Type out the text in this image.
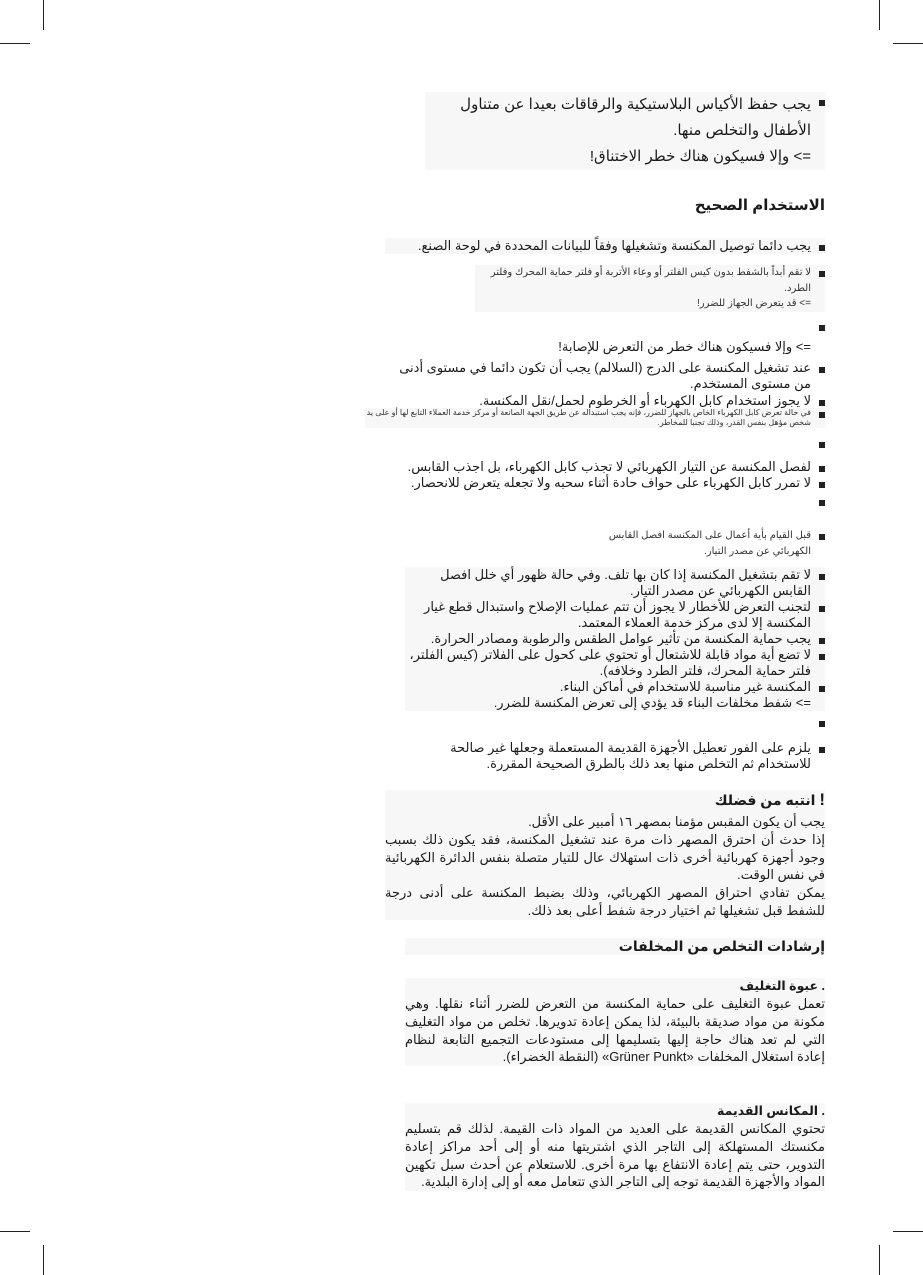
يجب حفظ الأكياس البلاستيكية والرقاقات بعيدا عن متناول الأطفال والتخلص منها.
=> وإلا فسيكون هناك خطر الاختناق!
الاستخدام الصحيح
يجب دائما توصيل المكنسة وتشغيلها وفقاً للبيانات المحددة في لوحة الصنع.
لا تقم أبداً بالشفط بدون كيس الفلتر أو وعاء الأتربة أو فلتر حماية المحرك وفلتر الطرد.
=> قد يتعرض الجهاز للضرر!

=> وإلا فسيكون هناك خطر من التعرض للإصابة!
عند تشغيل المكنسة على الدرج (السلالم) يجب أن تكون دائما في مستوى أدنى من مستوى المستخدم.
لا يجوز استخدام كابل الكهرباء أو الخرطوم لحمل/نقل المكنسة.
في حالة تعرض كابل الكهرباء الخاص بالجهاز للضرر، فإنه يجب استبداله عن طريق الجهة الصانعة أو مركز خدمة العملاء التابع لها أو على يد شخص مؤهل بنفس القدر، وذلك تجنبا للمخاطر.

لفصل المكنسة عن التيار الكهربائي لا تجذب كابل الكهرباء، بل اجذب القابس.
لا تمرر كابل الكهرباء على حواف حادة أثناء سحبه ولا تجعله يتعرض للانحصار.

قبل القيام بأية أعمال على المكنسة افصل القابس الكهربائي عن مصدر التيار.
لا تقم بتشغيل المكنسة إذا كان بها تلف. وفي حالة ظهور أي خلل افصل القابس الكهربائي عن مصدر التيار.
لتجنب التعرض للأخطار لا يجوز أن تتم عمليات الإصلاح واستبدال قطع غيار المكنسة إلا لدى مركز خدمة العملاء المعتمد.
يجب حماية المكنسة من تأثير عوامل الطقس والرطوبة ومصادر الحرارة.
لا تضع أية مواد قابلة للاشتعال أو تحتوي على كحول على الفلاتر (كيس الفلتر، فلتر حماية المحرك، فلتر الطرد وخلافه).
المكنسة غير مناسبة للاستخدام في أماكن البناء.
=> شفط مخلفات البناء قد يؤدي إلى تعرض المكنسة للضرر.

يلزم على الفور تعطيل الأجهزة القديمة المستعملة وجعلها غير صالحة للاستخدام ثم التخلص منها بعد ذلك بالطرق الصحيحة المقررة.
! انتبه من فضلك
يجب أن يكون المقبس مؤمنا بمصهر ١٦ أمبير على الأقل.
إذا حدث أن احترق المصهر ذات مرة عند تشغيل المكنسة، فقد يكون ذلك بسبب وجود أجهزة كهربائية أخرى ذات استهلاك عال للتيار متصلة بنفس الدائرة الكهربائية في نفس الوقت.
يمكن تفادي احتراق المصهر الكهربائي، وذلك بضبط المكنسة على أدنى درجة للشفط قبل تشغيلها ثم اختيار درجة شفط أعلى بعد ذلك.
إرشادات التخلص من المخلفات
. عبوة التغليف
تعمل عبوة التغليف على حماية المكنسة من التعرض للضرر أثناء نقلها. وهي مكونة من مواد صديقة بالبيئة، لذا يمكن إعادة تدويرها. تخلص من مواد التغليف التي لم تعد هناك حاجة إليها بتسليمها إلى مستودعات التجميع التابعة لنظام إعادة استغلال المخلفات «Grüner Punkt» (النقطة الخضراء).
. المكانس القديمة
تحتوي المكانس القديمة على العديد من المواد ذات القيمة. لذلك قم بتسليم مكنستك المستهلكة إلى التاجر الذي اشتريتها منه أو إلى أحد مراكز إعادة التدوير، حتى يتم إعادة الانتفاع بها مرة أخرى. للاستعلام عن أحدث سبل تكهين المواد والأجهزة القديمة توجه إلى التاجر الذي تتعامل معه أو إلى إدارة البلدية.
